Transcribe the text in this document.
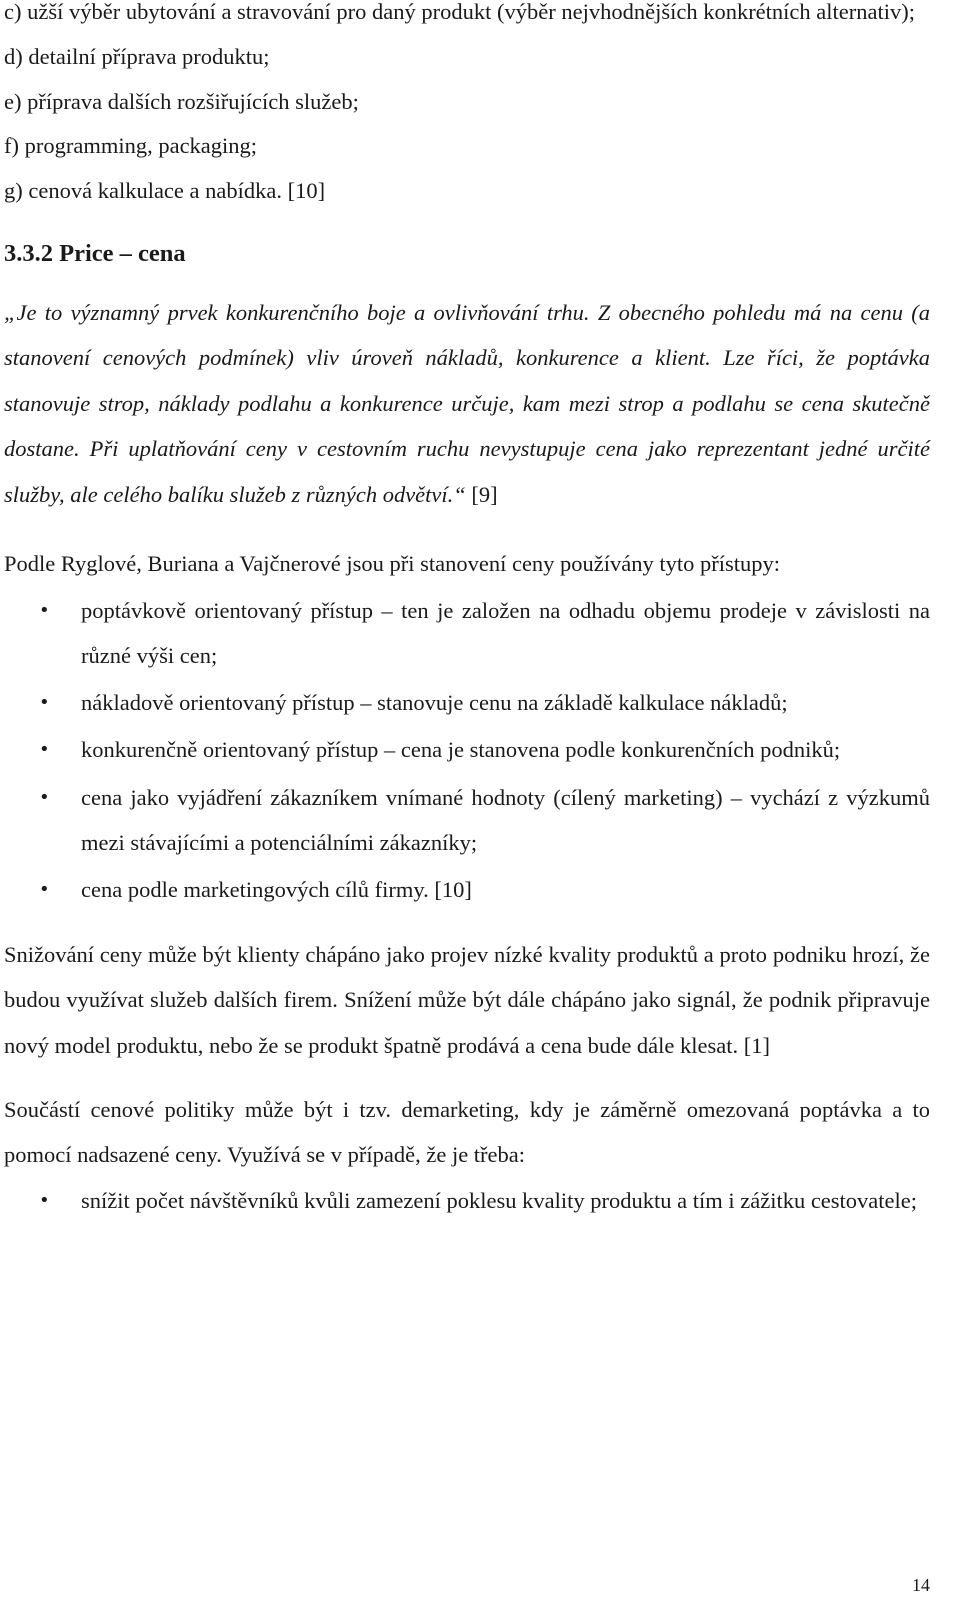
c) užší výběr ubytování a stravování pro daný produkt (výběr nejvhodnějších konkrétních alternativ);

d) detailní příprava produktu;

e) příprava dalších rozšiřujících služeb;

f) programming, packaging;

g) cenová kalkulace a nabídka. [10]

3.3.2 Price – cena

„Je to významný prvek konkurenčního boje a ovlivňování trhu. Z obecného pohledu má na cenu (a stanovení cenových podmínek) vliv úroveň nákladů, konkurence a klient. Lze říci, že poptávka stanovuje strop, náklady podlahu a konkurence určuje, kam mezi strop a podlahu se cena skutečně dostane. Při uplatňování ceny v cestovním ruchu nevystupuje cena jako reprezentant jedné určité služby, ale celého balíku služeb z různých odvětví.“ [9]

Podle Ryglové, Buriana a Vajčnerové jsou při stanovení ceny používány tyto přístupy:

•	poptávkově orientovaný přístup – ten je založen na odhadu objemu prodeje v závislosti na různé výši cen;
•	nákladově orientovaný přístup – stanovuje cenu na základě kalkulace nákladů;
•	konkurenčně orientovaný přístup – cena je stanovena podle konkurenčních podniků;
•	cena jako vyjádření zákazníkem vnímané hodnoty (cílený marketing) – vychází z výzkumů mezi stávajícími a potenciálními zákazníky;
•	cena podle marketingových cílů firmy. [10]

Snižování ceny může být klienty chápáno jako projev nízké kvality produktů a proto podniku hrozí, že budou využívat služeb dalších firem. Snížení může být dále chápáno jako signál, že podnik připravuje nový model produktu, nebo že se produkt špatně prodává a cena bude dále klesat. [1]

Součástí cenové politiky může být i tzv. demarketing, kdy je záměrně omezovaná poptávka a to pomocí nadsazené ceny. Využívá se v případě, že je třeba:

•	snížit počet návštěvníků kvůli zamezení poklesu kvality produktu a tím i zážitku cestovatele;
14
